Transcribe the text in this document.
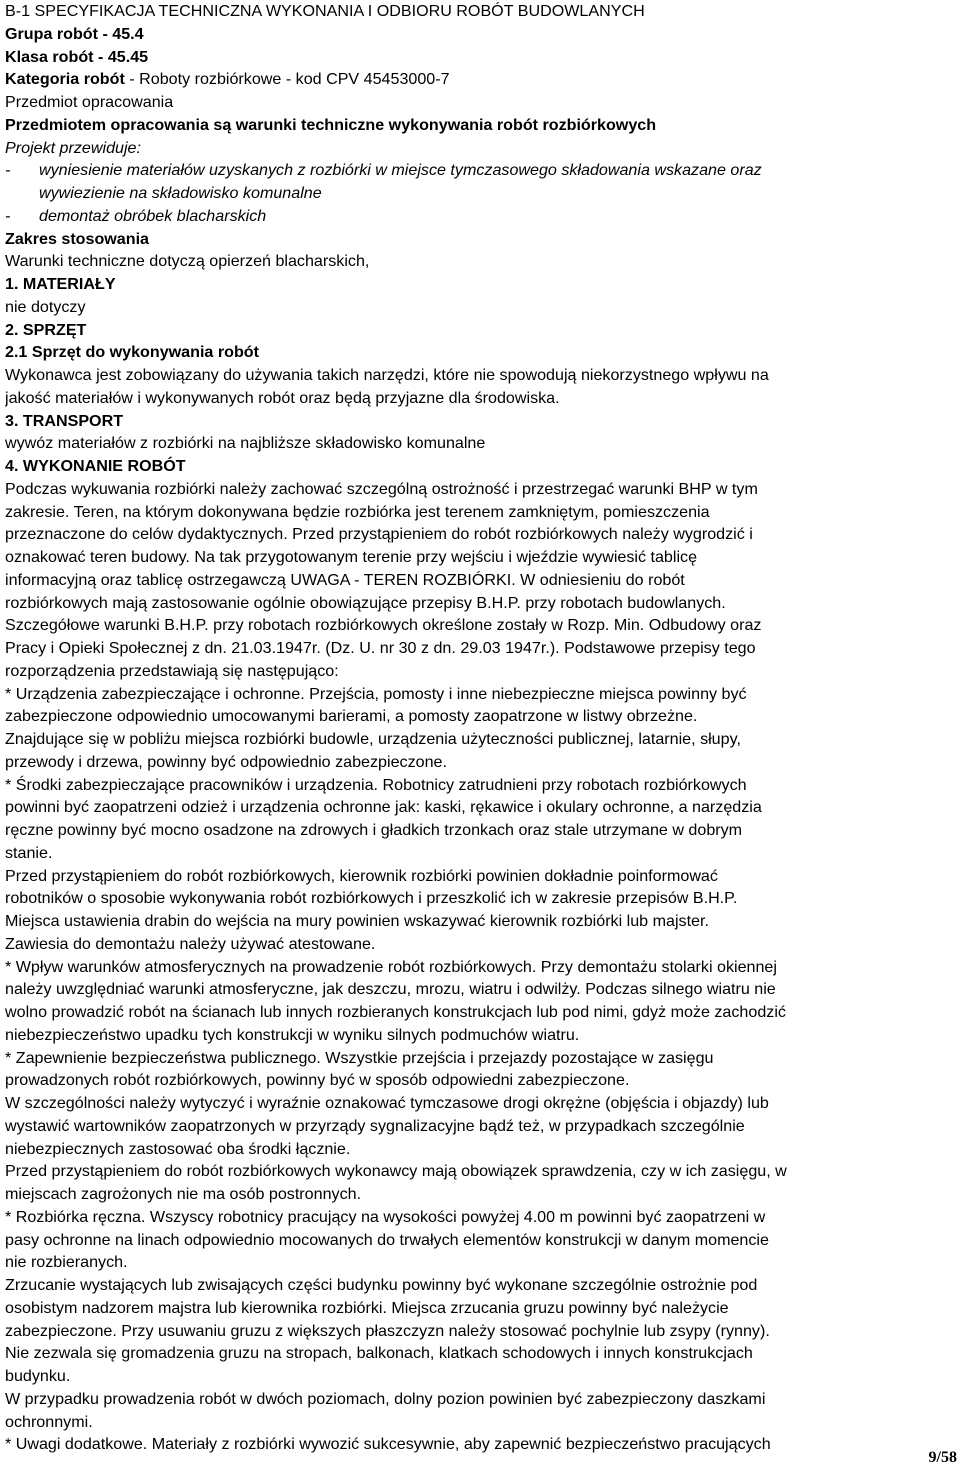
B-1 SPECYFIKACJA TECHNICZNA WYKONANIA I ODBIORU ROBÓT BUDOWLANYCH
Grupa robót - 45.4
Klasa robót - 45.45
Kategoria robót - Roboty rozbiórkowe - kod CPV 45453000-7
Przedmiot opracowania
Przedmiotem opracowania są warunki techniczne wykonywania robót rozbiórkowych
Projekt przewiduje:
- wyniesienie materiałów uzyskanych z rozbiórki w miejsce tymczasowego składowania wskazane oraz
wywiezienie na składowisko komunalne
- demontaż obróbek blacharskich
Zakres stosowania
Warunki techniczne dotyczą opierzeń blacharskich,
1. MATERIAŁY
nie dotyczy
2. SPRZĘT
2.1 Sprzęt do wykonywania robót
Wykonawca jest zobowiązany do używania takich narzędzi, które nie spowodują niekorzystnego wpływu na
jakość materiałów i wykonywanych robót oraz będą przyjazne dla środowiska.
3. TRANSPORT
wywóz materiałów z rozbiórki na najbliższe składowisko komunalne
4. WYKONANIE ROBÓT
Podczas wykuwania rozbiórki należy zachować szczególną ostrożność i przestrzegać warunki BHP w tym
zakresie. Teren, na którym dokonywana będzie rozbiórka jest terenem zamkniętym, pomieszczenia
przeznaczone do celów dydaktycznych. Przed przystąpieniem do robót rozbiórkowych należy wygrodzić i
oznakować teren budowy. Na tak przygotowanym terenie przy wejściu i wjeździe wywiesić tablicę
informacyjną oraz tablicę ostrzegawczą UWAGA - TEREN ROZBIÓRKI. W odniesieniu do robót
rozbiórkowych mają zastosowanie ogólnie obowiązujące przepisy B.H.P. przy robotach budowlanych.
Szczegółowe warunki B.H.P. przy robotach rozbiórkowych określone zostały w Rozp. Min. Odbudowy oraz
Pracy i Opieki Społecznej z dn. 21.03.1947r. (Dz. U. nr 30 z dn. 29.03 1947r.). Podstawowe przepisy tego
rozporządzenia przedstawiają się następująco:
* Urządzenia zabezpieczające i ochronne. Przejścia, pomosty i inne niebezpieczne miejsca powinny być
zabezpieczone odpowiednio umocowanymi barierami, a pomosty zaopatrzone w listwy obrzeżne.
Znajdujące się w pobliżu miejsca rozbiórki budowle, urządzenia użyteczności publicznej, latarnie, słupy,
przewody i drzewa, powinny być odpowiednio zabezpieczone.
* Środki zabezpieczające pracowników i urządzenia. Robotnicy zatrudnieni przy robotach rozbiórkowych
powinni być zaopatrzeni odzież i urządzenia ochronne jak: kaski, rękawice i okulary ochronne, a narzędzia
ręczne powinny być mocno osadzone na zdrowych i gładkich trzonkach oraz stale utrzymane w dobrym
stanie.
Przed przystąpieniem do robót rozbiórkowych, kierownik rozbiórki powinien dokładnie poinformować
robotników o sposobie wykonywania robót rozbiórkowych i przeszkolić ich w zakresie przepisów B.H.P.
Miejsca ustawienia drabin do wejścia na mury powinien wskazywać kierownik rozbiórki lub majster.
Zawiesia do demontażu należy używać atestowane.
* Wpływ warunków atmosferycznych na prowadzenie robót rozbiórkowych. Przy demontażu stolarki okiennej
należy uwzględniać warunki atmosferyczne, jak deszczu, mrozu, wiatru i odwilży. Podczas silnego wiatru nie
wolno prowadzić robót na ścianach lub innych rozbieranych konstrukcjach lub pod nimi, gdyż może zachodzić
niebezpieczeństwo upadku tych konstrukcji w wyniku silnych podmuchów wiatru.
* Zapewnienie bezpieczeństwa publicznego. Wszystkie przejścia i przejazdy pozostające w zasięgu
prowadzonych robót rozbiórkowych, powinny być w sposób odpowiedni zabezpieczone.
W szczególności należy wytyczyć i wyraźnie oznakować tymczasowe drogi okrężne (objęścia i objazdy) lub
wystawić wartowników zaopatrzonych w przyrządy sygnalizacyjne bądź też, w przypadkach szczególnie
niebezpiecznych zastosować oba środki łącznie.
Przed przystąpieniem do robót rozbiórkowych wykonawcy mają obowiązek sprawdzenia, czy w ich zasięgu, w
miejscach zagrożonych nie ma osób postronnych.
* Rozbiórka ręczna. Wszyscy robotnicy pracujący na wysokości powyżej 4.00 m powinni być zaopatrzeni w
pasy ochronne na linach odpowiednio mocowanych do trwałych elementów konstrukcji w danym momencie
nie rozbieranych.
Zrzucanie wystających lub zwisających części budynku powinny być wykonane szczególnie ostrożnie pod
osobistym nadzorem majstra lub kierownika rozbiórki. Miejsca zrzucania gruzu powinny być należycie
zabezpieczone. Przy usuwaniu gruzu z większych płaszczyzn należy stosować pochylnie lub zsypy (rynny).
Nie zezwala się gromadzenia gruzu na stropach, balkonach, klatkach schodowych i innych konstrukcjach
budynku.
W przypadku prowadzenia robót w dwóch poziomach, dolny pozion powinien być zabezpieczony daszkami
ochronnymi.
* Uwagi dodatkowe. Materiały z rozbiórki wywozić sukcesywnie, aby zapewnić bezpieczeństwo pracujących
9/58
